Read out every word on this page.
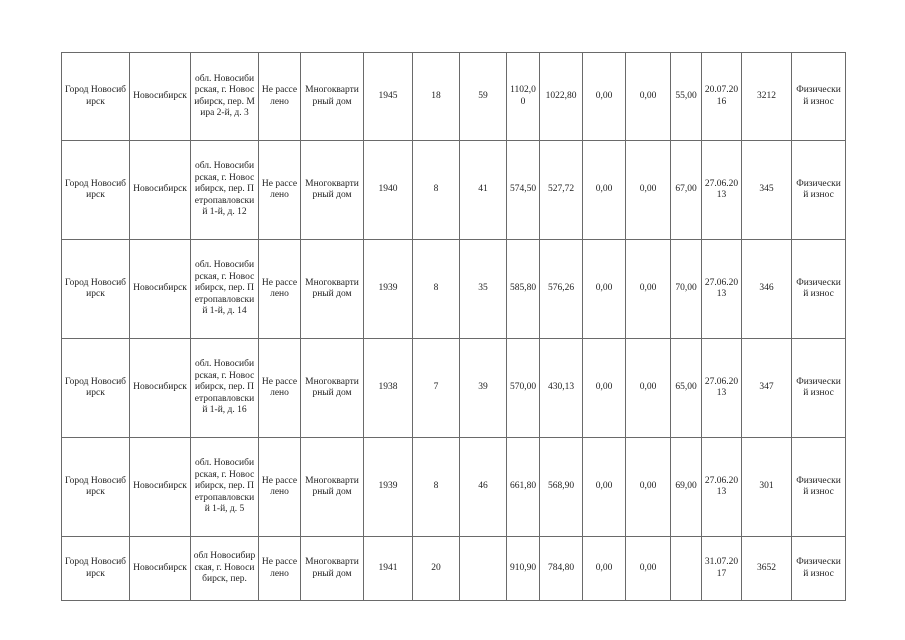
Город Новосибирск	Новосибирск	обл. Новосибирская, г. Новосибирск, пер. Мира 2-й, д. 3	Не расселено	Многоквартирный дом	1945	18	59	1102,00	1022,80	0,00	0,00	55,00	20.07.2016	3212	Физический износ
Город Новосибирск	Новосибирск	обл. Новосибирская, г. Новосибирск, пер. Петропавловский 1-й, д. 12	Не расселено	Многоквартирный дом	1940	8	41	574,50	527,72	0,00	0,00	67,00	27.06.2013	345	Физический износ
Город Новосибирск	Новосибирск	обл. Новосибирская, г. Новосибирск, пер. Петропавловский 1-й, д. 14	Не расселено	Многоквартирный дом	1939	8	35	585,80	576,26	0,00	0,00	70,00	27.06.2013	346	Физический износ
Город Новосибирск	Новосибирск	обл. Новосибирская, г. Новосибирск, пер. Петропавловский 1-й, д. 16	Не расселено	Многоквартирный дом	1938	7	39	570,00	430,13	0,00	0,00	65,00	27.06.2013	347	Физический износ
Город Новосибирск	Новосибирск	обл. Новосибирская, г. Новосибирск, пер. Петропавловский 1-й, д. 5	Не расселено	Многоквартирный дом	1939	8	46	661,80	568,90	0,00	0,00	69,00	27.06.2013	301	Физический износ
Город Новосибирск	Новосибирск	обл Новосибирская, г. Новосибирск, пер.	Не расселено	Многоквартирный дом	1941	20		910,90	784,80	0,00	0,00		31.07.2017	3652	Физический износ
